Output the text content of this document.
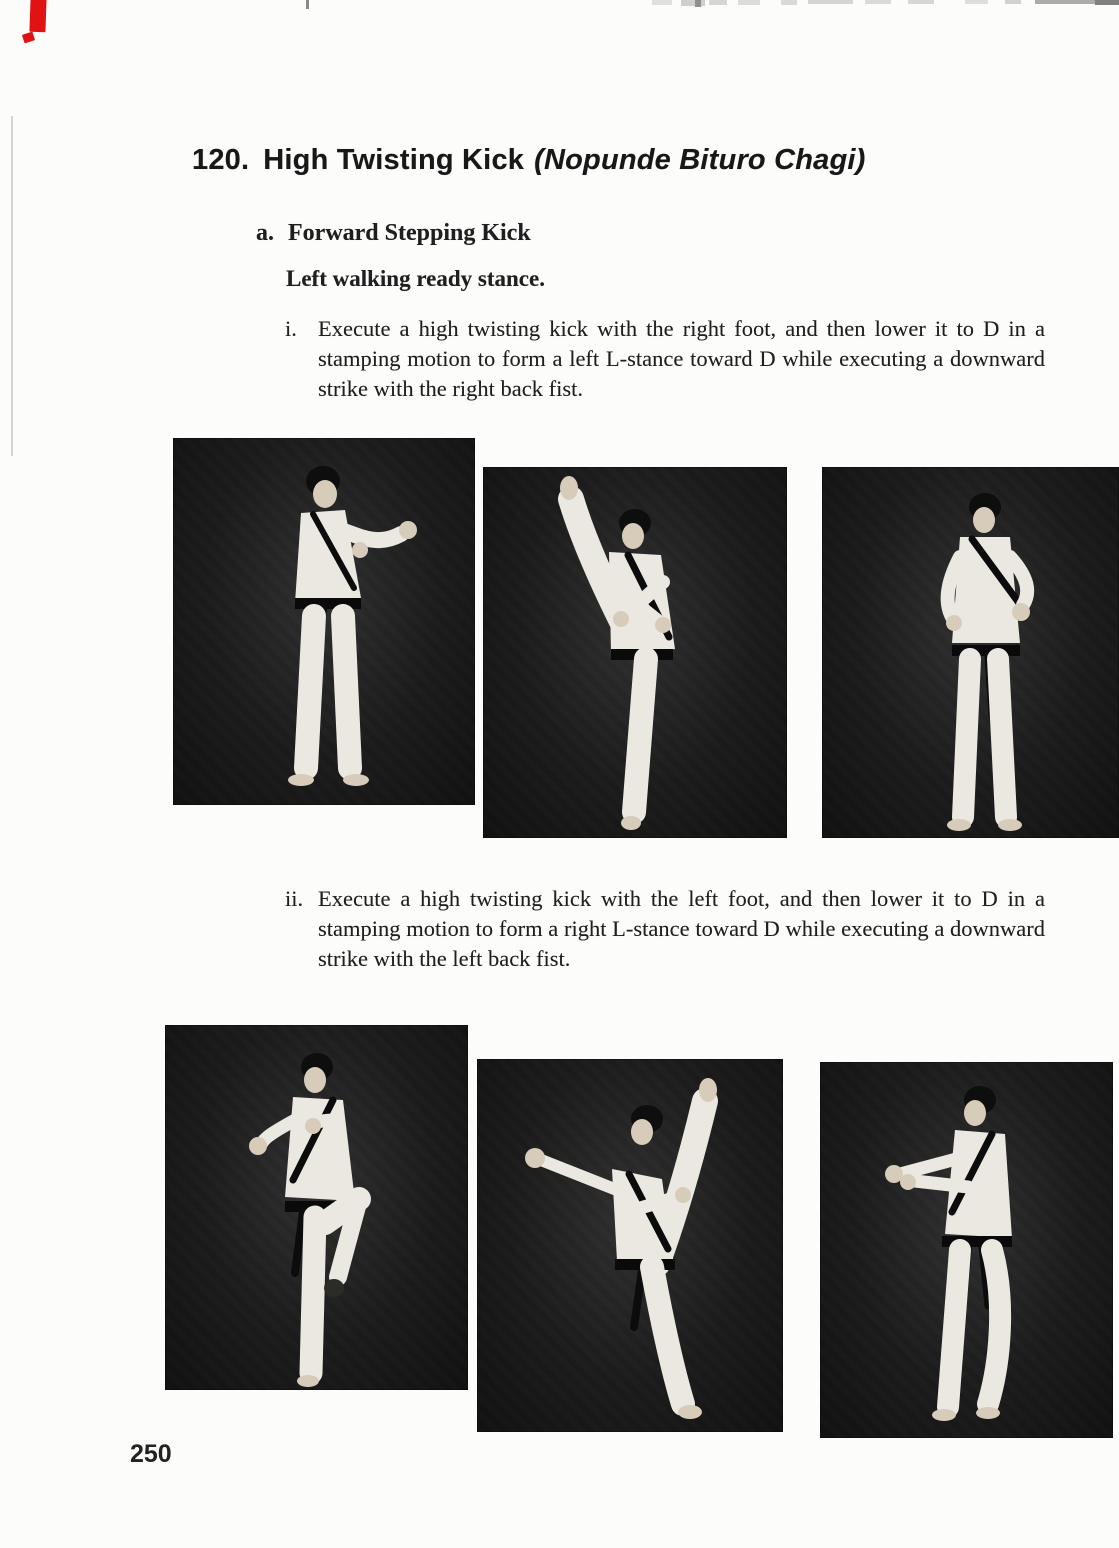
120. High Twisting Kick (Nopunde Bituro Chagi)
a. Forward Stepping Kick
Left walking ready stance.
i. Execute a high twisting kick with the right foot, and then lower it to D in a stamping motion to form a left L-stance toward D while executing a downward strike with the right back fist.
ii. Execute a high twisting kick with the left foot, and then lower it to D in a stamping motion to form a right L-stance toward D while executing a downward strike with the left back fist.
250
